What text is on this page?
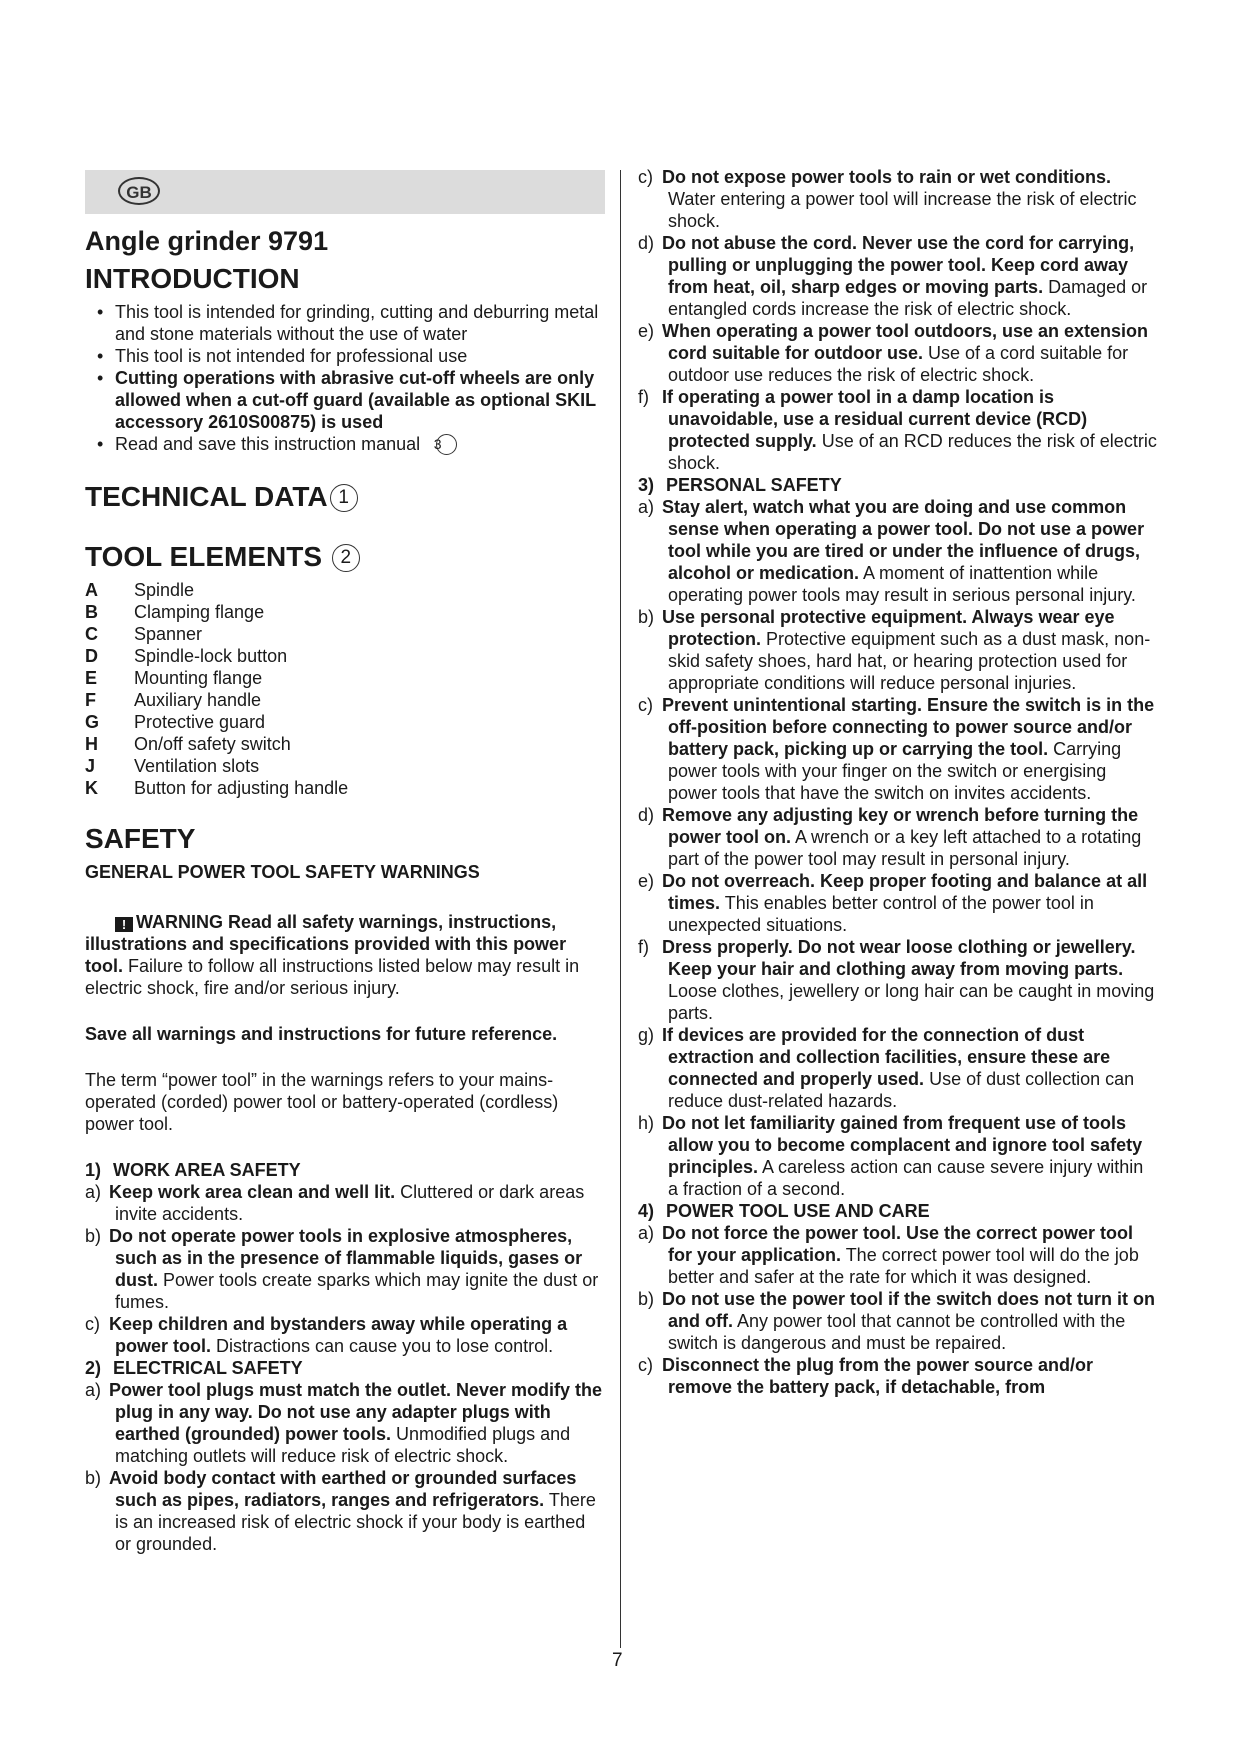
GB
Angle grinder 9791
INTRODUCTION
• This tool is intended for grinding, cutting and deburring metal and stone materials without the use of water
• This tool is not intended for professional use
• Cutting operations with abrasive cut-off wheels are only allowed when a cut-off guard (available as optional SKIL accessory 2610S00875) is used
• Read and save this instruction manual 3
TECHNICAL DATA 1
TOOL ELEMENTS 2
A Spindle
B Clamping flange
C Spanner
D Spindle-lock button
E Mounting flange
F Auxiliary handle
G Protective guard
H On/off safety switch
J Ventilation slots
K Button for adjusting handle
SAFETY
GENERAL POWER TOOL SAFETY WARNINGS
! WARNING Read all safety warnings, instructions, illustrations and specifications provided with this power tool. Failure to follow all instructions listed below may result in electric shock, fire and/or serious injury.
Save all warnings and instructions for future reference.
The term “power tool” in the warnings refers to your mains-operated (corded) power tool or battery-operated (cordless) power tool.
1) WORK AREA SAFETY
a) Keep work area clean and well lit. Cluttered or dark areas invite accidents.
b) Do not operate power tools in explosive atmospheres, such as in the presence of flammable liquids, gases or dust. Power tools create sparks which may ignite the dust or fumes.
c) Keep children and bystanders away while operating a power tool. Distractions can cause you to lose control.
2) ELECTRICAL SAFETY
a) Power tool plugs must match the outlet. Never modify the plug in any way. Do not use any adapter plugs with earthed (grounded) power tools. Unmodified plugs and matching outlets will reduce risk of electric shock.
b) Avoid body contact with earthed or grounded surfaces such as pipes, radiators, ranges and refrigerators. There is an increased risk of electric shock if your body is earthed or grounded.
c) Do not expose power tools to rain or wet conditions. Water entering a power tool will increase the risk of electric shock.
d) Do not abuse the cord. Never use the cord for carrying, pulling or unplugging the power tool. Keep cord away from heat, oil, sharp edges or moving parts. Damaged or entangled cords increase the risk of electric shock.
e) When operating a power tool outdoors, use an extension cord suitable for outdoor use. Use of a cord suitable for outdoor use reduces the risk of electric shock.
f) If operating a power tool in a damp location is unavoidable, use a residual current device (RCD) protected supply. Use of an RCD reduces the risk of electric shock.
3) PERSONAL SAFETY
a) Stay alert, watch what you are doing and use common sense when operating a power tool. Do not use a power tool while you are tired or under the influence of drugs, alcohol or medication. A moment of inattention while operating power tools may result in serious personal injury.
b) Use personal protective equipment. Always wear eye protection. Protective equipment such as a dust mask, non-skid safety shoes, hard hat, or hearing protection used for appropriate conditions will reduce personal injuries.
c) Prevent unintentional starting. Ensure the switch is in the off-position before connecting to power source and/or battery pack, picking up or carrying the tool. Carrying power tools with your finger on the switch or energising power tools that have the switch on invites accidents.
d) Remove any adjusting key or wrench before turning the power tool on. A wrench or a key left attached to a rotating part of the power tool may result in personal injury.
e) Do not overreach. Keep proper footing and balance at all times. This enables better control of the power tool in unexpected situations.
f) Dress properly. Do not wear loose clothing or jewellery. Keep your hair and clothing away from moving parts. Loose clothes, jewellery or long hair can be caught in moving parts.
g) If devices are provided for the connection of dust extraction and collection facilities, ensure these are connected and properly used. Use of dust collection can reduce dust-related hazards.
h) Do not let familiarity gained from frequent use of tools allow you to become complacent and ignore tool safety principles. A careless action can cause severe injury within a fraction of a second.
4) POWER TOOL USE AND CARE
a) Do not force the power tool. Use the correct power tool for your application. The correct power tool will do the job better and safer at the rate for which it was designed.
b) Do not use the power tool if the switch does not turn it on and off. Any power tool that cannot be controlled with the switch is dangerous and must be repaired.
c) Disconnect the plug from the power source and/or remove the battery pack, if detachable, from
7
